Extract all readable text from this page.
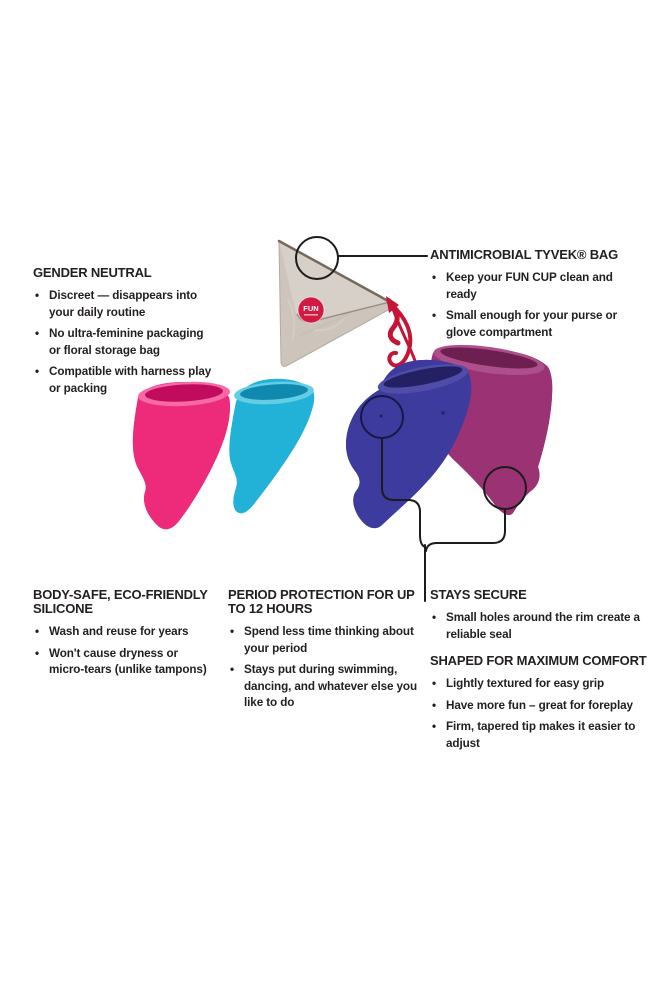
FUN
GENDER NEUTRAL
• Discreet — disappears into your daily routine
• No ultra-feminine packaging or floral storage bag
• Compatible with harness play or packing
ANTIMICROBIAL TYVEK® BAG
• Keep your FUN CUP clean and ready
• Small enough for your purse or glove compartment
BODY-SAFE, ECO-FRIENDLY SILICONE
• Wash and reuse for years
• Won't cause dryness or micro-tears (unlike tampons)
PERIOD PROTECTION FOR UP TO 12 HOURS
• Spend less time thinking about your period
• Stays put during swimming, dancing, and whatever else you like to do
STAYS SECURE
• Small holes around the rim create a reliable seal
SHAPED FOR MAXIMUM COMFORT
• Lightly textured for easy grip
• Have more fun – great for foreplay
• Firm, tapered tip makes it easier to adjust
